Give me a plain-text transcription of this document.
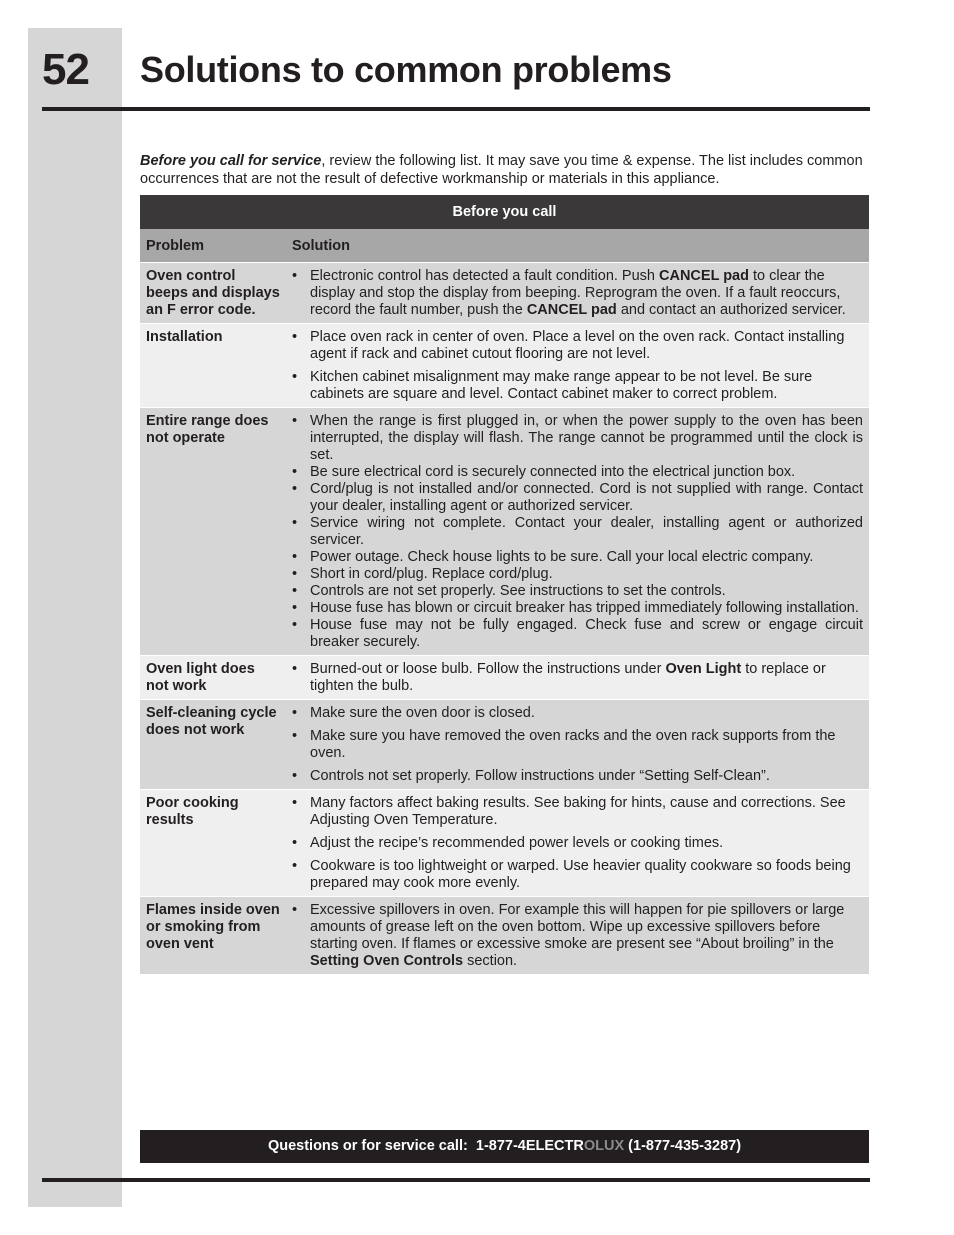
52 Solutions to common problems

Before you call for service, review the following list. It may save you time & expense. The list includes common occurrences that are not the result of defective workmanship or materials in this appliance.

Before you call
Problem	Solution
Oven control beeps and displays an F error code.
• Electronic control has detected a fault condition. Push CANCEL pad to clear the display and stop the display from beeping. Reprogram the oven. If a fault reoccurs, record the fault number, push the CANCEL pad and contact an authorized servicer.
Installation
•	Place oven rack in center of oven. Place a level on the oven rack. Contact installing agent if rack and cabinet cutout flooring are not level.
• Kitchen cabinet misalignment may make range appear to be not level. Be sure cabinets are square and level. Contact cabinet maker to correct problem.
Entire range does not operate
• When the range is first plugged in, or when the power supply to the oven has been interrupted, the display will flash. The range cannot be programmed until the clock is set.
• Be sure electrical cord is securely connected into the electrical junction box.
• Cord/plug is not installed and/or connected. Cord is not supplied with range. Contact your dealer, installing agent or authorized servicer.
• Service wiring not complete. Contact your dealer, installing agent or authorized servicer.
• Power outage. Check house lights to be sure. Call your local electric company.
• Short in cord/plug. Replace cord/plug.
• Controls are not set properly. See instructions to set the controls.
• House fuse has blown or circuit breaker has tripped immediately following installation.
• House fuse may not be fully engaged. Check fuse and screw or engage circuit breaker securely.
Oven light does not work
• Burned-out or loose bulb. Follow the instructions under Oven Light to replace or tighten the bulb.
Self-cleaning cycle does not work
• Make sure the oven door is closed.
• Make sure you have removed the oven racks and the oven rack supports from the oven.
• Controls not set properly. Follow instructions under “Setting Self-Clean”.
Poor cooking results
• Many factors affect baking results. See baking for hints, cause and corrections. See Adjusting Oven Temperature.
• Adjust the recipe’s recommended power levels or cooking times.
• Cookware is too lightweight or warped. Use heavier quality cookware so foods being prepared may cook more evenly.
Flames inside oven or smoking from oven vent
• Excessive spillovers in oven. For example this will happen for pie spillovers or large amounts of grease left on the oven bottom. Wipe up excessive spillovers before starting oven. If flames or excessive smoke are present see “About broiling” in the Setting Oven Controls section.
Questions or for service call: 1-877-4ELECTROLUX (1-877-435-3287)
